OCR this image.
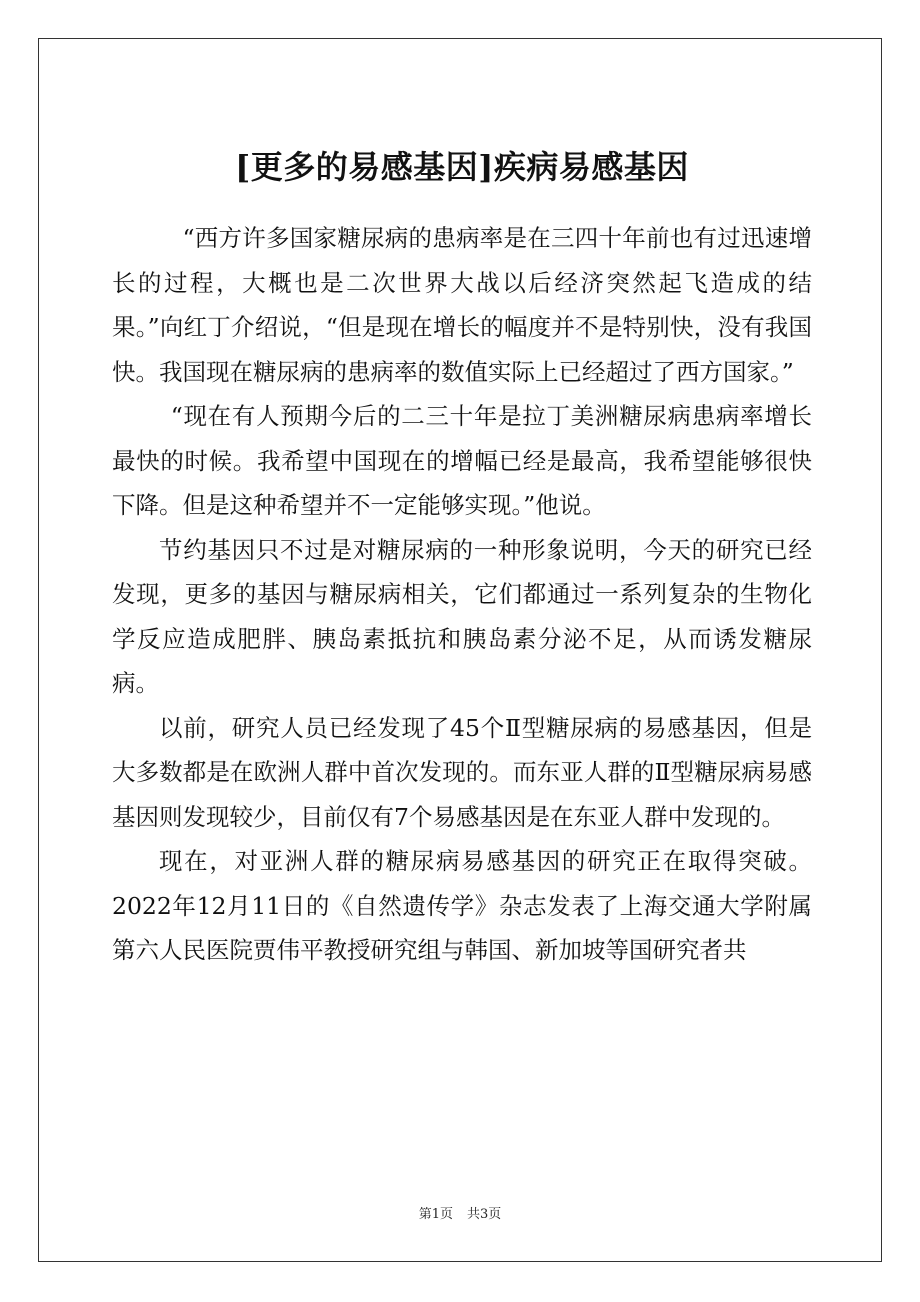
[更多的易感基因]疾病易感基因

“西方许多国家糖尿病的患病率是在三四十年前也有过迅速增长的过程，大概也是二次世界大战以后经济突然起飞造成的结果。”向红丁介绍说，“但是现在增长的幅度并不是特别快，没有我国快。我国现在糖尿病的患病率的数值实际上已经超过了西方国家。”

“现在有人预期今后的二三十年是拉丁美洲糖尿病患病率增长最快的时候。我希望中国现在的增幅已经是最高，我希望能够很快下降。但是这种希望并不一定能够实现。”他说。

节约基因只不过是对糖尿病的一种形象说明，今天的研究已经发现，更多的基因与糖尿病相关，它们都通过一系列复杂的生物化学反应造成肥胖、胰岛素抵抗和胰岛素分泌不足，从而诱发糖尿病。

以前，研究人员已经发现了45个Ⅱ型糖尿病的易感基因，但是大多数都是在欧洲人群中首次发现的。而东亚人群的Ⅱ型糖尿病易感基因则发现较少，目前仅有7个易感基因是在东亚人群中发现的。

现在，对亚洲人群的糖尿病易感基因的研究正在取得突破。2022年12月11日的《自然遗传学》杂志发表了上海交通大学附属第六人民医院贾伟平教授研究组与韩国、新加坡等国研究者共

第1页 共3页
